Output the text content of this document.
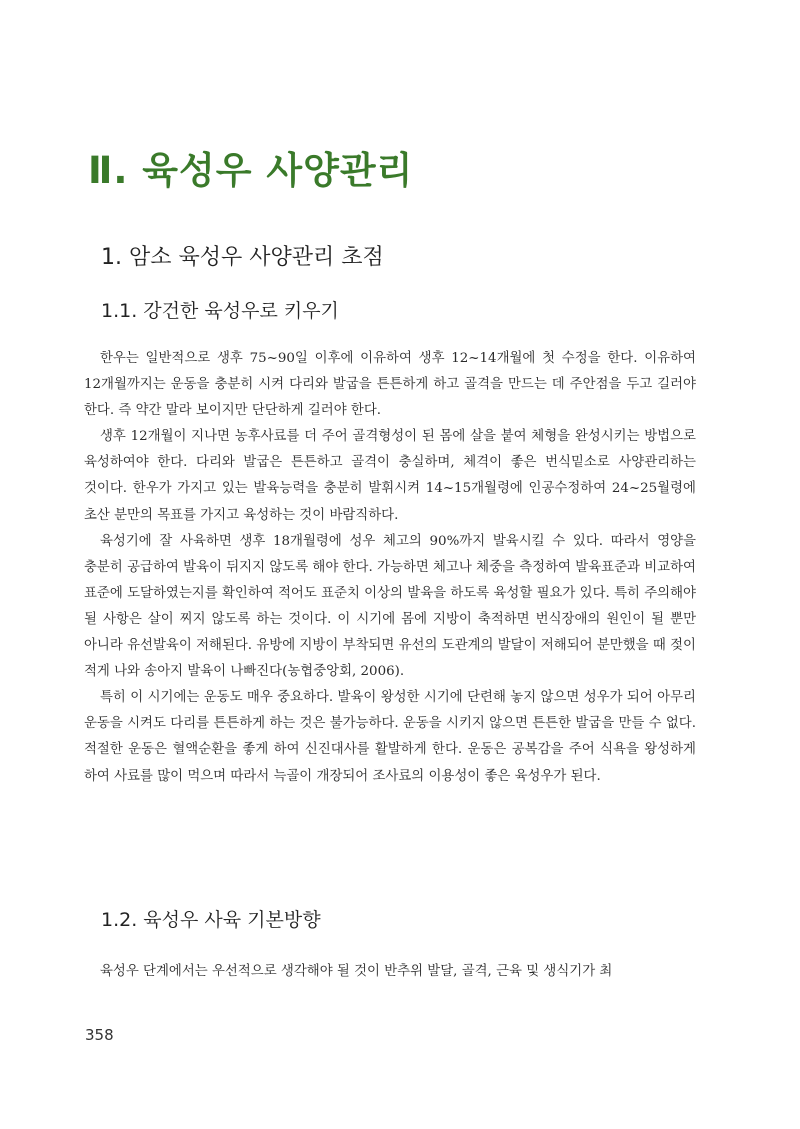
Ⅱ. 육성우 사양관리
1. 암소 육성우 사양관리 초점
1.1. 강건한 육성우로 키우기

한우는 일반적으로 생후 75~90일 이후에 이유하여 생후 12~14개월에 첫 수정을 한다. 이유하여 12개월까지는 운동을 충분히 시켜 다리와 발굽을 튼튼하게 하고 골격을 만드는 데 주안점을 두고 길러야 한다. 즉 약간 말라 보이지만 단단하게 길러야 한다.

생후 12개월이 지나면 농후사료를 더 주어 골격형성이 된 몸에 살을 붙여 체형을 완성시키는 방법으로 육성하여야 한다. 다리와 발굽은 튼튼하고 골격이 충실하며, 체격이 좋은 번식밑소로 사양관리하는 것이다. 한우가 가지고 있는 발육능력을 충분히 발휘시켜 14~15개월령에 인공수정하여 24~25월령에 초산 분만의 목표를 가지고 육성하는 것이 바람직하다.

육성기에 잘 사육하면 생후 18개월령에 성우 체고의 90%까지 발육시킬 수 있다. 따라서 영양을 충분히 공급하여 발육이 뒤지지 않도록 해야 한다. 가능하면 체고나 체중을 측정하여 발육표준과 비교하여 표준에 도달하였는지를 확인하여 적어도 표준치 이상의 발육을 하도록 육성할 필요가 있다. 특히 주의해야 될 사항은 살이 찌지 않도록 하는 것이다. 이 시기에 몸에 지방이 축적하면 번식장애의 원인이 될 뿐만 아니라 유선발육이 저해된다. 유방에 지방이 부착되면 유선의 도관계의 발달이 저해되어 분만했을 때 젖이 적게 나와 송아지 발육이 나빠진다(농협중앙회, 2006).

특히 이 시기에는 운동도 매우 중요하다. 발육이 왕성한 시기에 단련해 놓지 않으면 성우가 되어 아무리 운동을 시켜도 다리를 튼튼하게 하는 것은 불가능하다. 운동을 시키지 않으면 튼튼한 발굽을 만들 수 없다. 적절한 운동은 혈액순환을 좋게 하여 신진대사를 활발하게 한다. 운동은 공복감을 주어 식욕을 왕성하게 하여 사료를 많이 먹으며 따라서 늑골이 개장되어 조사료의 이용성이 좋은 육성우가 된다.

1.2. 육성우 사육 기본방향

육성우 단계에서는 우선적으로 생각해야 될 것이 반추위 발달, 골격, 근육 및 생식기가 최

358
